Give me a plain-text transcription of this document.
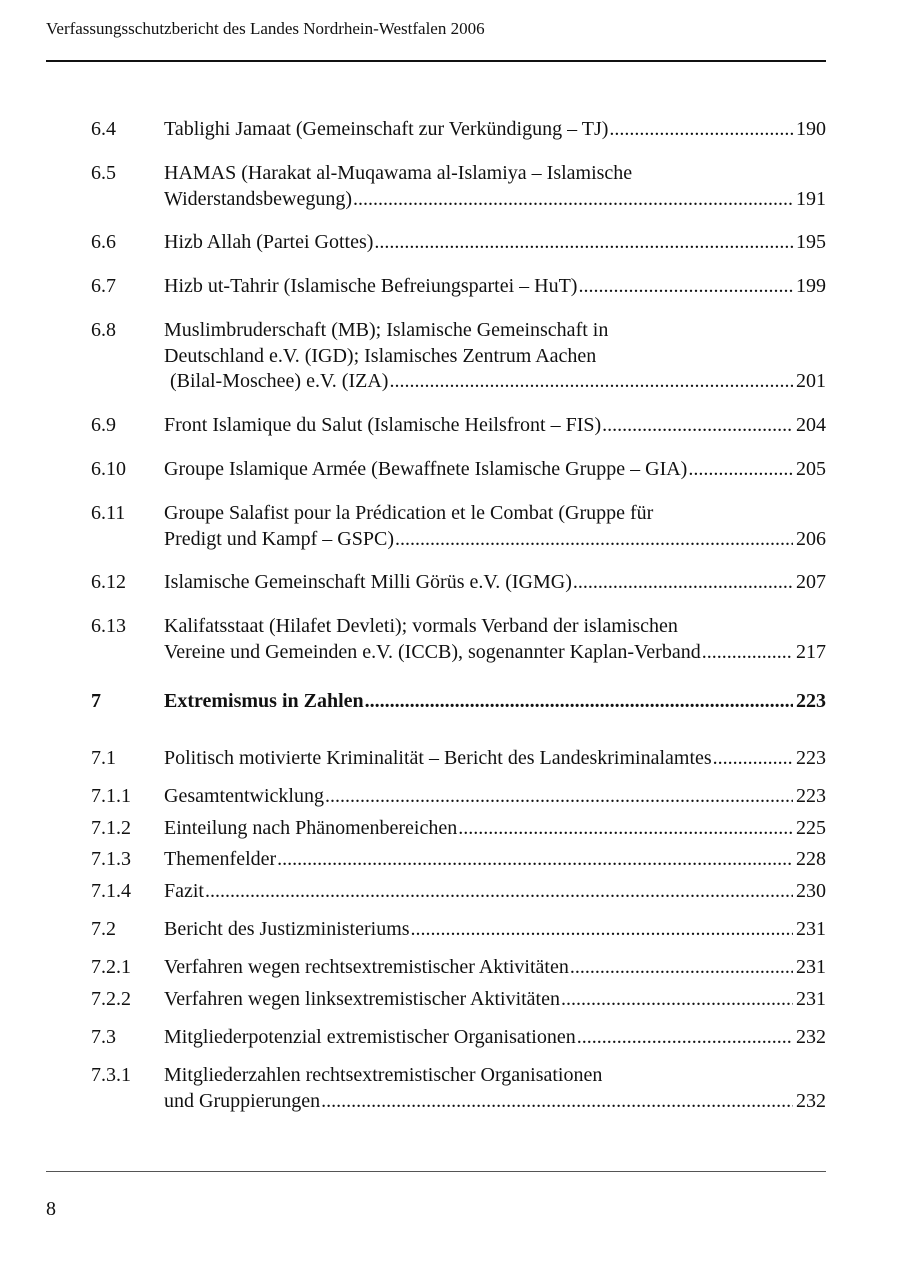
Verfassungsschutzbericht des Landes Nordrhein-Westfalen 2006
6.4 Tablighi Jamaat (Gemeinschaft zur Verkündigung – TJ) .....	190
6.5 HAMAS (Harakat al-Muqawama al-Islamiya – Islamische
Widerstandsbewegung) .....	191
6.6 Hizb Allah (Partei Gottes) .....	195
6.7 Hizb ut-Tahrir (Islamische Befreiungspartei – HuT) .....	199
6.8 Muslimbruderschaft (MB); Islamische Gemeinschaft in
Deutschland e.V. (IGD); Islamisches Zentrum Aachen
(Bilal-Moschee) e.V. (IZA) .....	201
6.9 Front Islamique du Salut (Islamische Heilsfront – FIS) .....	204
6.10 Groupe Islamique Armée (Bewaffnete Islamische Gruppe – GIA) .....	205
6.11 Groupe Salafist pour la Prédication et le Combat (Gruppe für
Predigt und Kampf – GSPC) .....	206
6.12 Islamische Gemeinschaft Milli Görüs e.V. (IGMG) .....	207
6.13 Kalifatsstaat (Hilafet Devleti); vormals Verband der islamischen
Vereine und Gemeinden e.V. (ICCB), sogenannter Kaplan-Verband .....	217
7	Extremismus in Zahlen .....	223
7.1 Politisch motivierte Kriminalität – Bericht des Landeskriminalamtes .....	223
7.1.1 Gesamtentwicklung .....	223
7.1.2 Einteilung nach Phänomenbereichen .....	225
7.1.3 Themenfelder .....	228
7.1.4 Fazit .....	230
7.2 Bericht des Justizministeriums .....	231
7.2.1 Verfahren wegen rechtsextremistischer Aktivitäten .....	231
7.2.2 Verfahren wegen linksextremistischer Aktivitäten .....	231
7.3 Mitgliederpotenzial extremistischer Organisationen .....	232
7.3.1 Mitgliederzahlen rechtsextremistischer Organisationen
und Gruppierungen .....	232
8
